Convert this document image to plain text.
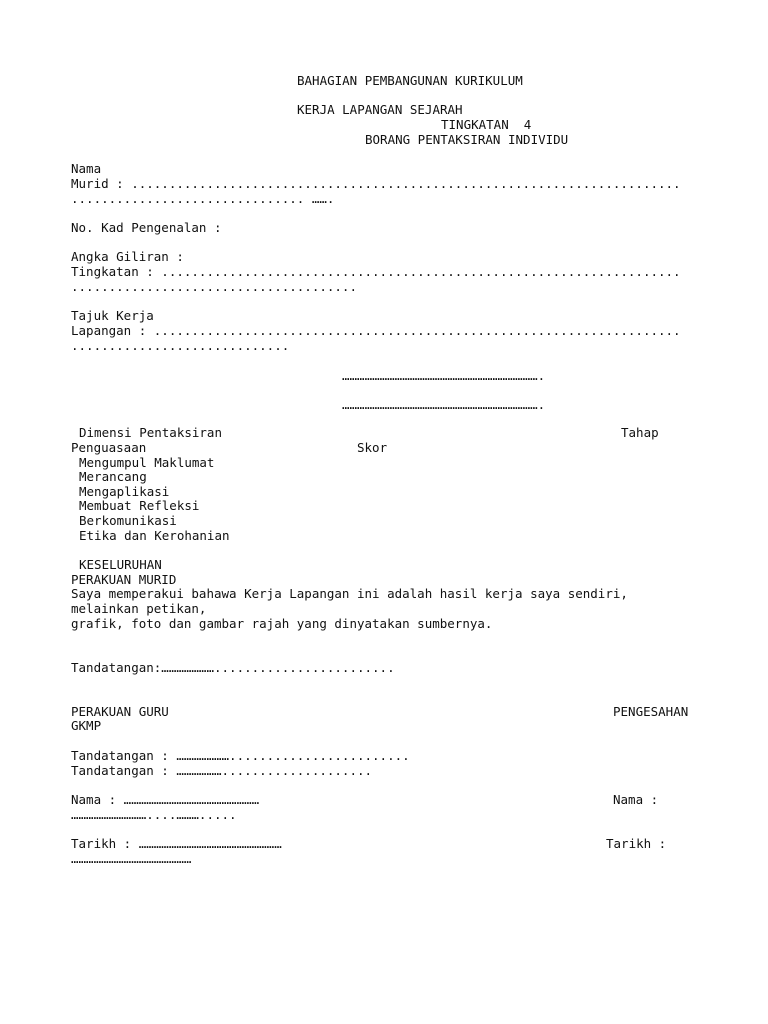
BAHAGIAN PEMBANGUNAN KURIKULUM
KERJA LAPANGAN SEJARAH
TINGKATAN  4
BORANG PENTAKSIRAN INDIVIDU
Nama
Murid : .........................................................................
............................... …….
No. Kad Pengenalan :
Angka Giliran :
Tingkatan : .....................................................................
......................................
Tajuk Kerja
Lapangan : ......................................................................
.............................
…………………………………………………………………….
…………………………………………………………………….
Dimensi Pentaksiran	Tahap
Penguasaan	Skor
Mengumpul Maklumat
Merancang
Mengaplikasi
Membuat Refleksi
Berkomunikasi
Etika dan Kerohanian
KESELURUHAN
PERAKUAN MURID
Saya memperakui bahawa Kerja Lapangan ini adalah hasil kerja saya sendiri,
melainkan petikan,
grafik, foto dan gambar rajah yang dinyatakan sumbernya.
Tandatangan:…………………........................
PERAKUAN GURU	PENGESAHAN
GKMP
Tandatangan : …………………........................
Tandatangan : ………………....................
Nama : ………………………………………………	Nama :
…………………………....……….....
Tarikh : …………………………………………………	Tarikh :
…………………………………………
